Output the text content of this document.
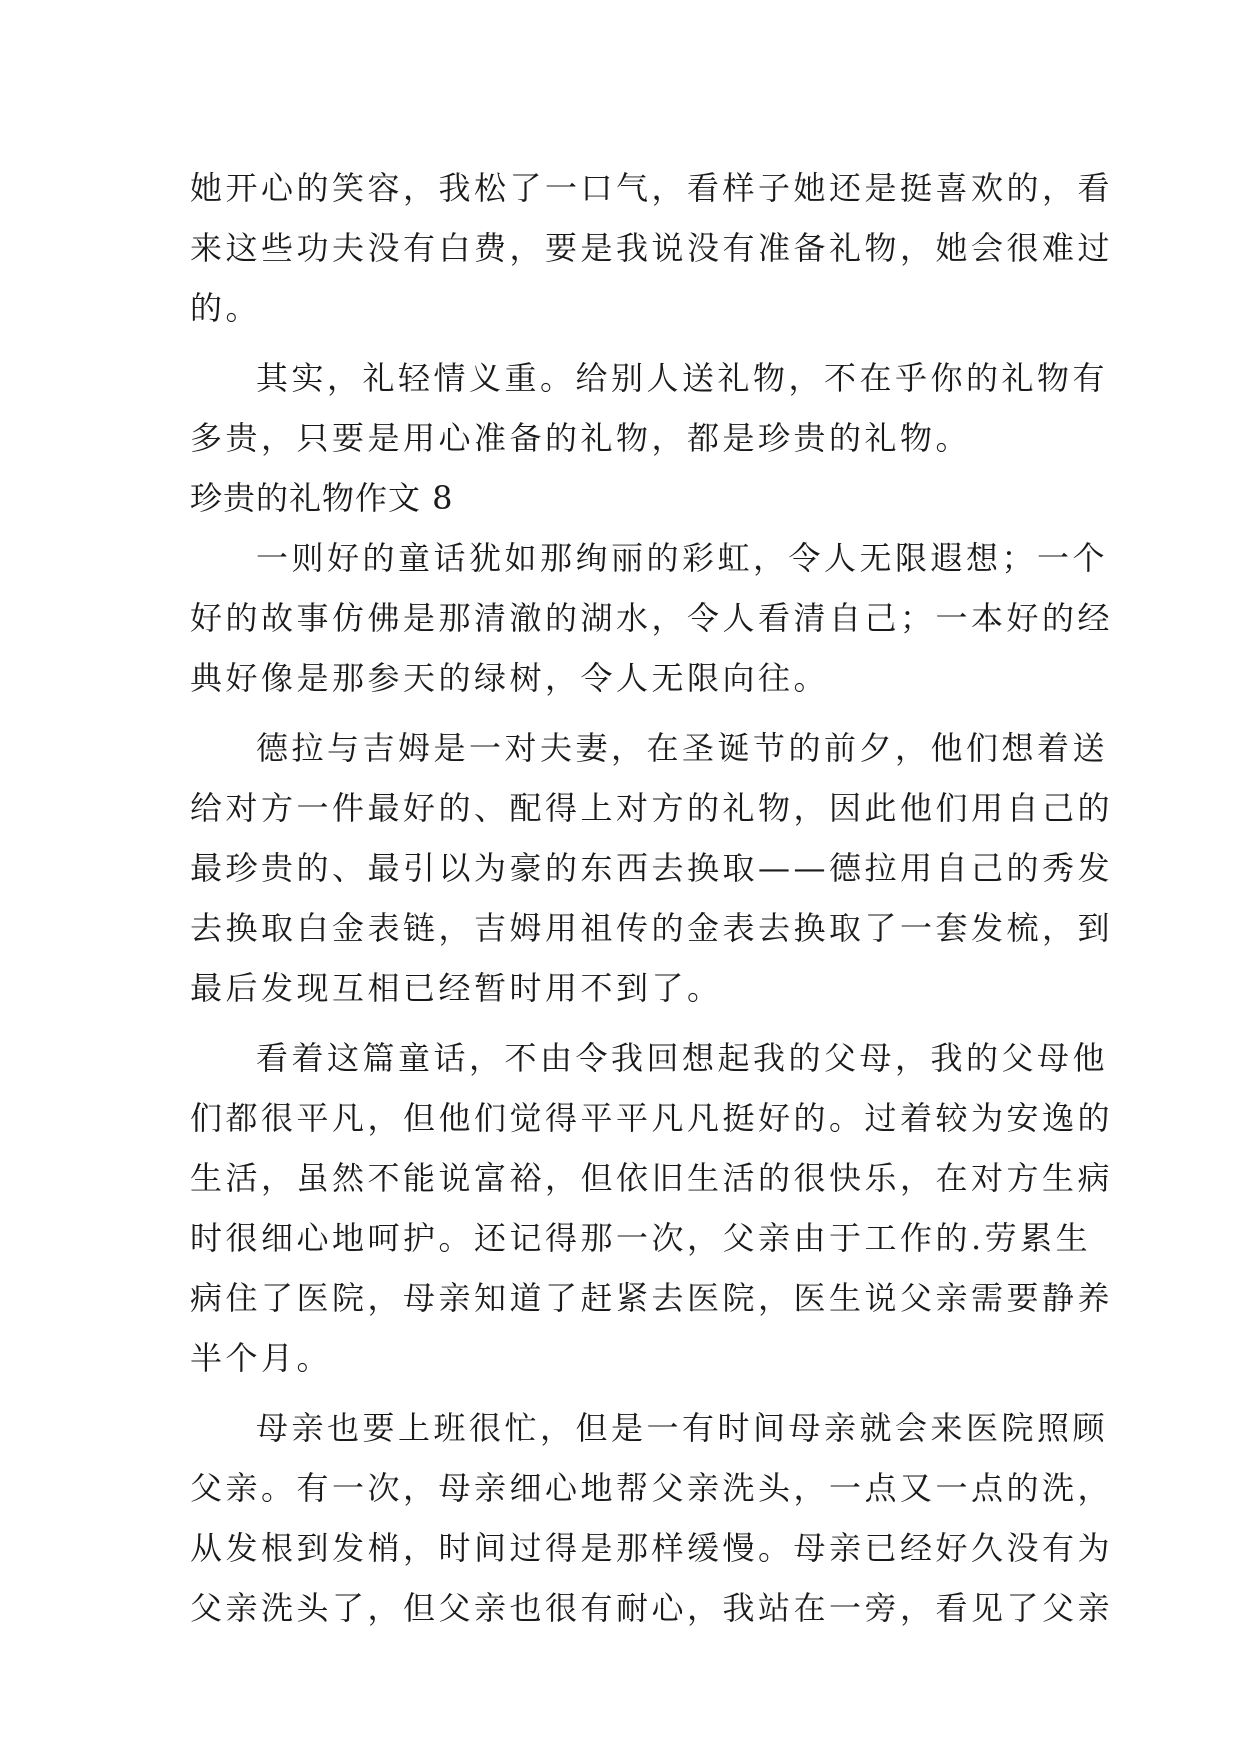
她开心的笑容，我松了一口气，看样子她还是挺喜欢的，看
来这些功夫没有白费，要是我说没有准备礼物，她会很难过
的。
其实，礼轻情义重。给别人送礼物，不在乎你的礼物有
多贵，只要是用心准备的礼物，都是珍贵的礼物。
珍贵的礼物作文 8
一则好的童话犹如那绚丽的彩虹，令人无限遐想；一个
好的故事仿佛是那清澈的湖水，令人看清自己；一本好的经
典好像是那参天的绿树，令人无限向往。
德拉与吉姆是一对夫妻，在圣诞节的前夕，他们想着送
给对方一件最好的、配得上对方的礼物，因此他们用自己的
最珍贵的、最引以为豪的东西去换取——德拉用自己的秀发
去换取白金表链，吉姆用祖传的金表去换取了一套发梳，到
最后发现互相已经暂时用不到了。
看着这篇童话，不由令我回想起我的父母，我的父母他
们都很平凡，但他们觉得平平凡凡挺好的。过着较为安逸的
生活，虽然不能说富裕，但依旧生活的很快乐，在对方生病
时很细心地呵护。还记得那一次，父亲由于工作的.劳累生
病住了医院，母亲知道了赶紧去医院，医生说父亲需要静养
半个月。
母亲也要上班很忙，但是一有时间母亲就会来医院照顾
父亲。有一次，母亲细心地帮父亲洗头，一点又一点的洗，
从发根到发梢，时间过得是那样缓慢。母亲已经好久没有为
父亲洗头了，但父亲也很有耐心，我站在一旁，看见了父亲
